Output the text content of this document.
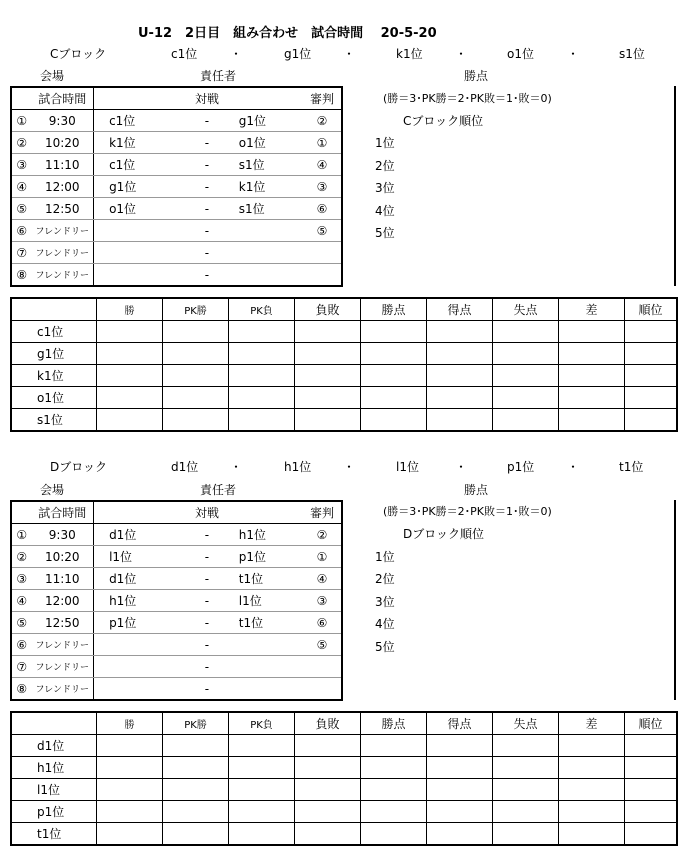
U-12　2日目　組み合わせ　試合時間　 20-5-20
Cブロック	c1位	・	g1位	・	k1位	・	o1位	・	s1位
会場	責任者	勝点
(勝＝3･PK勝＝2･PK敗＝1･敗＝0)
Cブロック順位
1位
2位
3位
4位
5位
	試合時間		対戦		審判
①	9:30	c1位	-	g1位	②
②	10:20	k1位	-	o1位	①
③	11:10	c1位	-	s1位	④
④	12:00	g1位	-	k1位	③
⑤	12:50	o1位	-	s1位	⑥
⑥	フレンドリー		-		⑤
⑦	フレンドリー		-		
⑧	フレンドリー		-		
	勝	PK勝	PK負	負敗	勝点	得点	失点	差	順位
c1位									
g1位									
k1位									
o1位									
s1位									
Dブロック	d1位	・	h1位	・	l1位	・	p1位	・	t1位
会場	責任者	勝点
(勝＝3･PK勝＝2･PK敗＝1･敗＝0)
Dブロック順位
1位
2位
3位
4位
5位
	試合時間		対戦		審判
①	9:30	d1位	-	h1位	②
②	10:20	l1位	-	p1位	①
③	11:10	d1位	-	t1位	④
④	12:00	h1位	-	l1位	③
⑤	12:50	p1位	-	t1位	⑥
⑥	フレンドリー		-		⑤
⑦	フレンドリー		-		
⑧	フレンドリー		-		
	勝	PK勝	PK負	負敗	勝点	得点	失点	差	順位
d1位									
h1位									
l1位									
p1位									
t1位									
